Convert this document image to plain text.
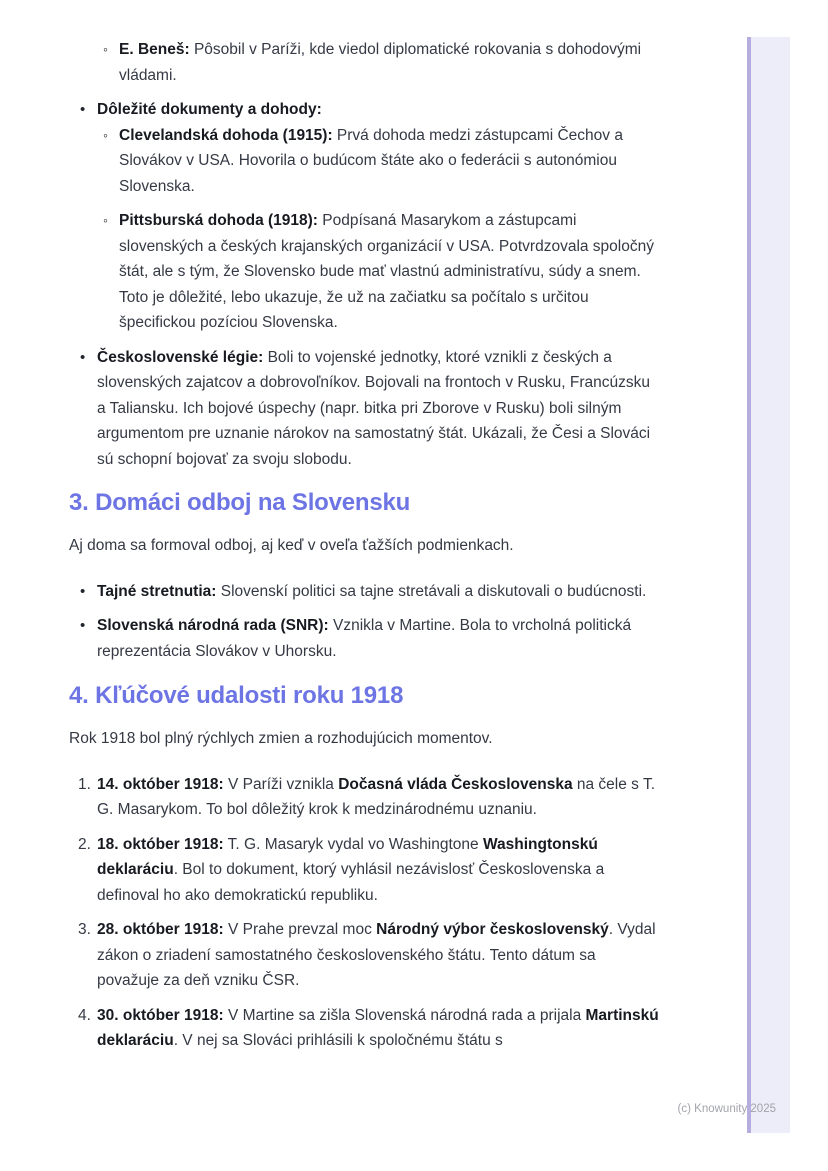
◦ E. Beneš: Pôsobil v Paríži, kde viedol diplomatické rokovania s dohodovými vládami.
• Dôležité dokumenty a dohody:
◦ Clevelandská dohoda (1915): Prvá dohoda medzi zástupcami Čechov a Slovákov v USA. Hovorila o budúcom štáte ako o federácii s autonómiou Slovenska.
◦ Pittsburská dohoda (1918): Podpísaná Masarykom a zástupcami slovenských a českých krajanských organizácií v USA. Potvrdzovala spoločný štát, ale s tým, že Slovensko bude mať vlastnú administratívu, súdy a snem. Toto je dôležité, lebo ukazuje, že už na začiatku sa počítalo s určitou špecifickou pozíciou Slovenska.
• Československé légie: Boli to vojenské jednotky, ktoré vznikli z českých a slovenských zajatcov a dobrovoľníkov. Bojovali na frontoch v Rusku, Francúzsku a Taliansku. Ich bojové úspechy (napr. bitka pri Zborove v Rusku) boli silným argumentom pre uznanie nárokov na samostatný štát. Ukázali, že Česi a Slováci sú schopní bojovať za svoju slobodu.
3. Domáci odboj na Slovensku

Aj doma sa formoval odboj, aj keď v oveľa ťažších podmienkach.

• Tajné stretnutia: Slovenskí politici sa tajne stretávali a diskutovali o budúcnosti.
• Slovenská národná rada (SNR): Vznikla v Martine. Bola to vrcholná politická reprezentácia Slovákov v Uhorsku.
4. Kľúčové udalosti roku 1918

Rok 1918 bol plný rýchlych zmien a rozhodujúcich momentov.

1. 14. október 1918: V Paríži vznikla Dočasná vláda Československa na čele s T. G. Masarykom. To bol dôležitý krok k medzinárodnému uznaniu.
2. 18. október 1918: T. G. Masaryk vydal vo Washingtone Washingtonskú deklaráciu. Bol to dokument, ktorý vyhlásil nezávislosť Československa a definoval ho ako demokratickú republiku.
3. 28. október 1918: V Prahe prevzal moc Národný výbor československý. Vydal zákon o zriadení samostatného československého štátu. Tento dátum sa považuje za deň vzniku ČSR.
4. 30. október 1918: V Martine sa zišla Slovenská národná rada a prijala Martinskú deklaráciu. V nej sa Slováci prihlásili k spoločnému štátu s
(c) Knowunity 2025
